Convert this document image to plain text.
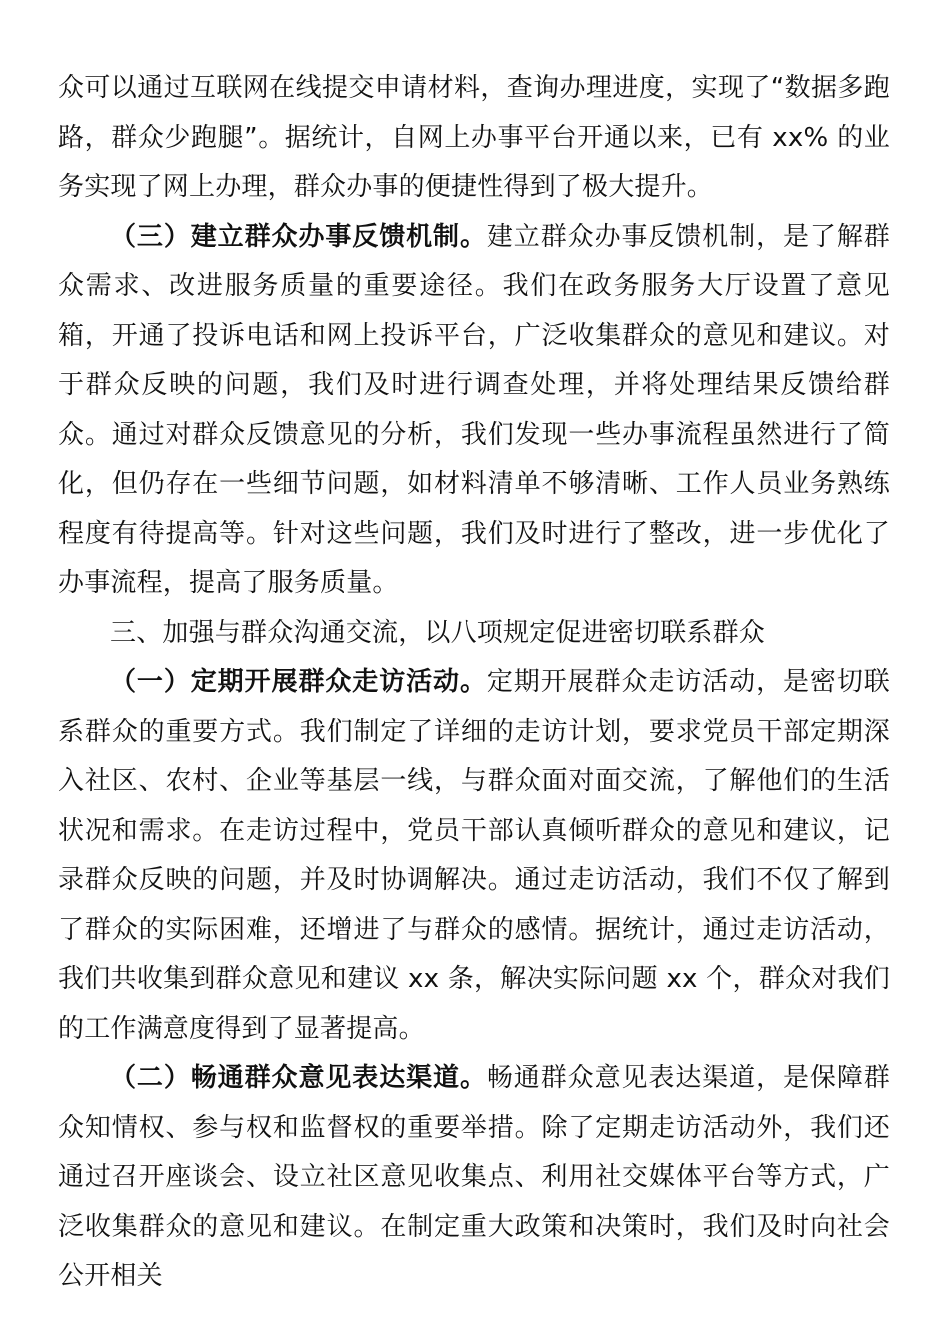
众可以通过互联网在线提交申请材料，查询办理进度，实现了“数据多跑路，群众少跑腿”。据统计，自网上办事平台开通以来，已有 xx% 的业务实现了网上办理，群众办事的便捷性得到了极大提升。

（三）建立群众办事反馈机制。建立群众办事反馈机制，是了解群众需求、改进服务质量的重要途径。我们在政务服务大厅设置了意见箱，开通了投诉电话和网上投诉平台，广泛收集群众的意见和建议。对于群众反映的问题，我们及时进行调查处理，并将处理结果反馈给群众。通过对群众反馈意见的分析，我们发现一些办事流程虽然进行了简化，但仍存在一些细节问题，如材料清单不够清晰、工作人员业务熟练程度有待提高等。针对这些问题，我们及时进行了整改，进一步优化了办事流程，提高了服务质量。

三、加强与群众沟通交流，以八项规定促进密切联系群众

（一）定期开展群众走访活动。定期开展群众走访活动，是密切联系群众的重要方式。我们制定了详细的走访计划，要求党员干部定期深入社区、农村、企业等基层一线，与群众面对面交流，了解他们的生活状况和需求。在走访过程中，党员干部认真倾听群众的意见和建议，记录群众反映的问题，并及时协调解决。通过走访活动，我们不仅了解到了群众的实际困难，还增进了与群众的感情。据统计，通过走访活动，我们共收集到群众意见和建议 xx 条，解决实际问题 xx 个，群众对我们的工作满意度得到了显著提高。

（二）畅通群众意见表达渠道。畅通群众意见表达渠道，是保障群众知情权、参与权和监督权的重要举措。除了定期走访活动外，我们还通过召开座谈会、设立社区意见收集点、利用社交媒体平台等方式，广泛收集群众的意见和建议。在制定重大政策和决策时，我们及时向社会公开相关
